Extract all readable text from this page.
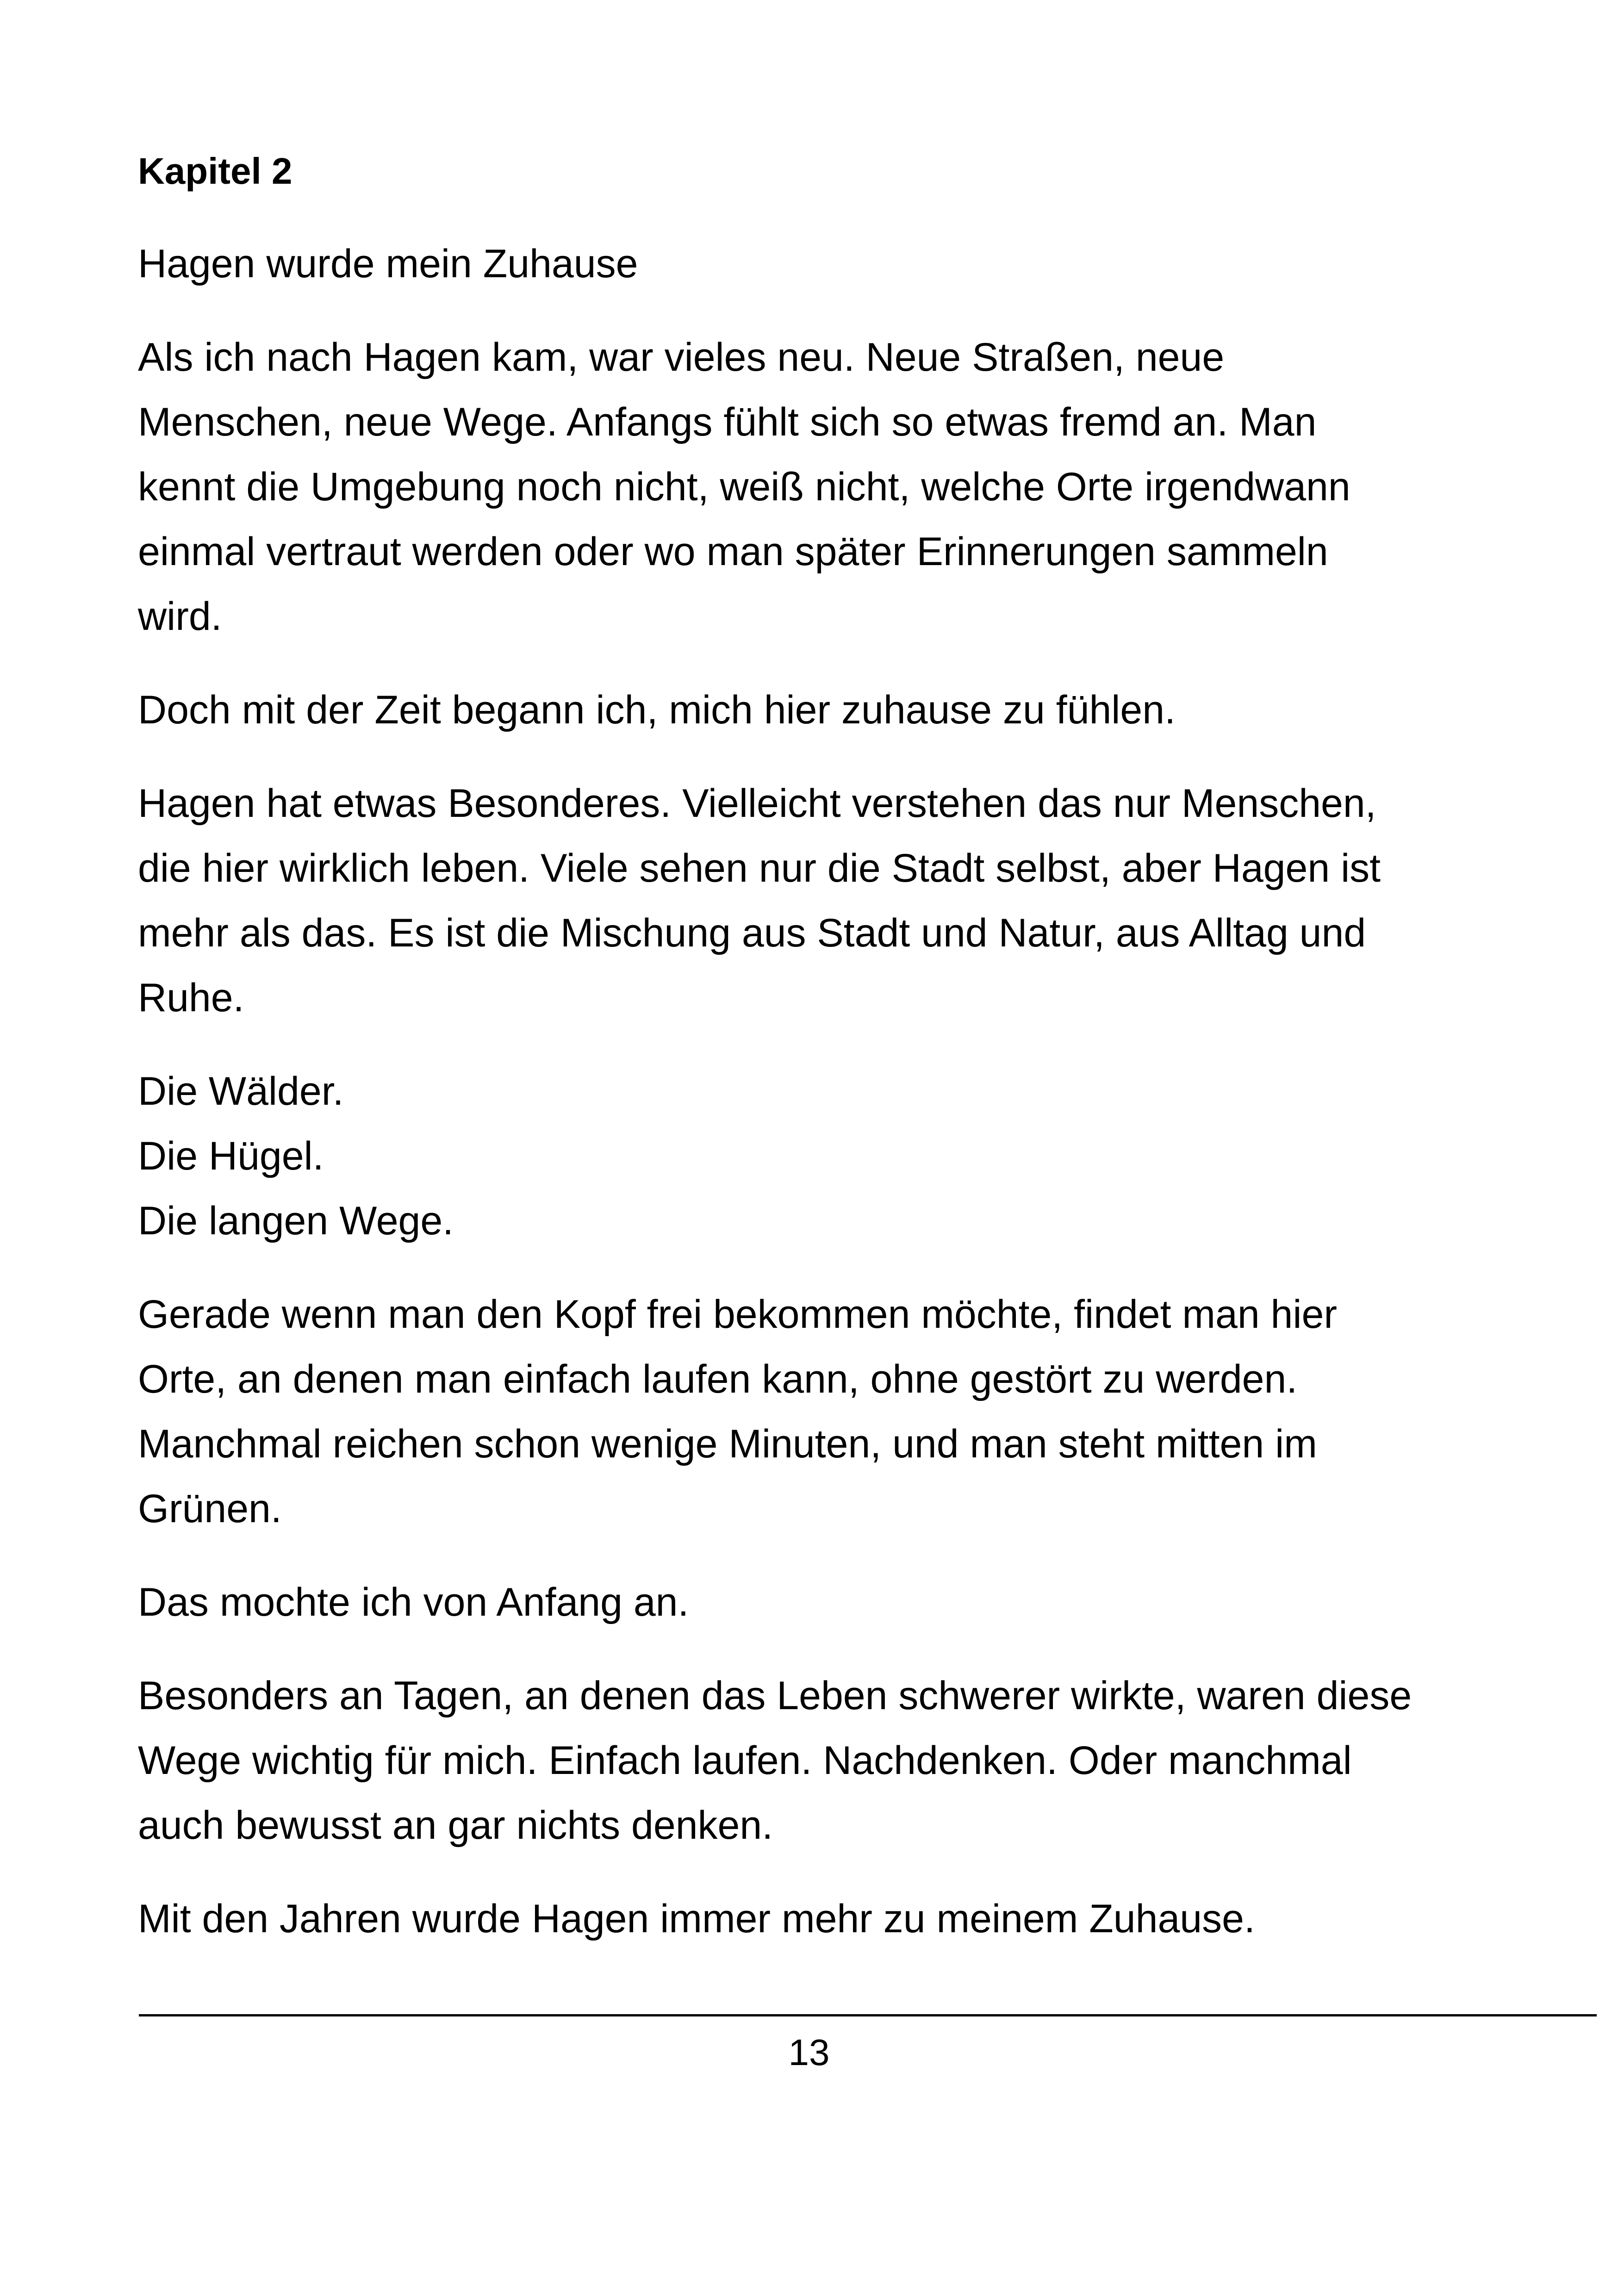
Kapitel 2
Hagen wurde mein Zuhause
Als ich nach Hagen kam, war vieles neu. Neue Straßen, neue
Menschen, neue Wege. Anfangs fühlt sich so etwas fremd an. Man
kennt die Umgebung noch nicht, weiß nicht, welche Orte irgendwann
einmal vertraut werden oder wo man später Erinnerungen sammeln
wird.
Doch mit der Zeit begann ich, mich hier zuhause zu fühlen.
Hagen hat etwas Besonderes. Vielleicht verstehen das nur Menschen,
die hier wirklich leben. Viele sehen nur die Stadt selbst, aber Hagen ist
mehr als das. Es ist die Mischung aus Stadt und Natur, aus Alltag und
Ruhe.
Die Wälder.
Die Hügel.
Die langen Wege.
Gerade wenn man den Kopf frei bekommen möchte, findet man hier
Orte, an denen man einfach laufen kann, ohne gestört zu werden.
Manchmal reichen schon wenige Minuten, und man steht mitten im
Grünen.
Das mochte ich von Anfang an.
Besonders an Tagen, an denen das Leben schwerer wirkte, waren diese
Wege wichtig für mich. Einfach laufen. Nachdenken. Oder manchmal
auch bewusst an gar nichts denken.
Mit den Jahren wurde Hagen immer mehr zu meinem Zuhause.
13
